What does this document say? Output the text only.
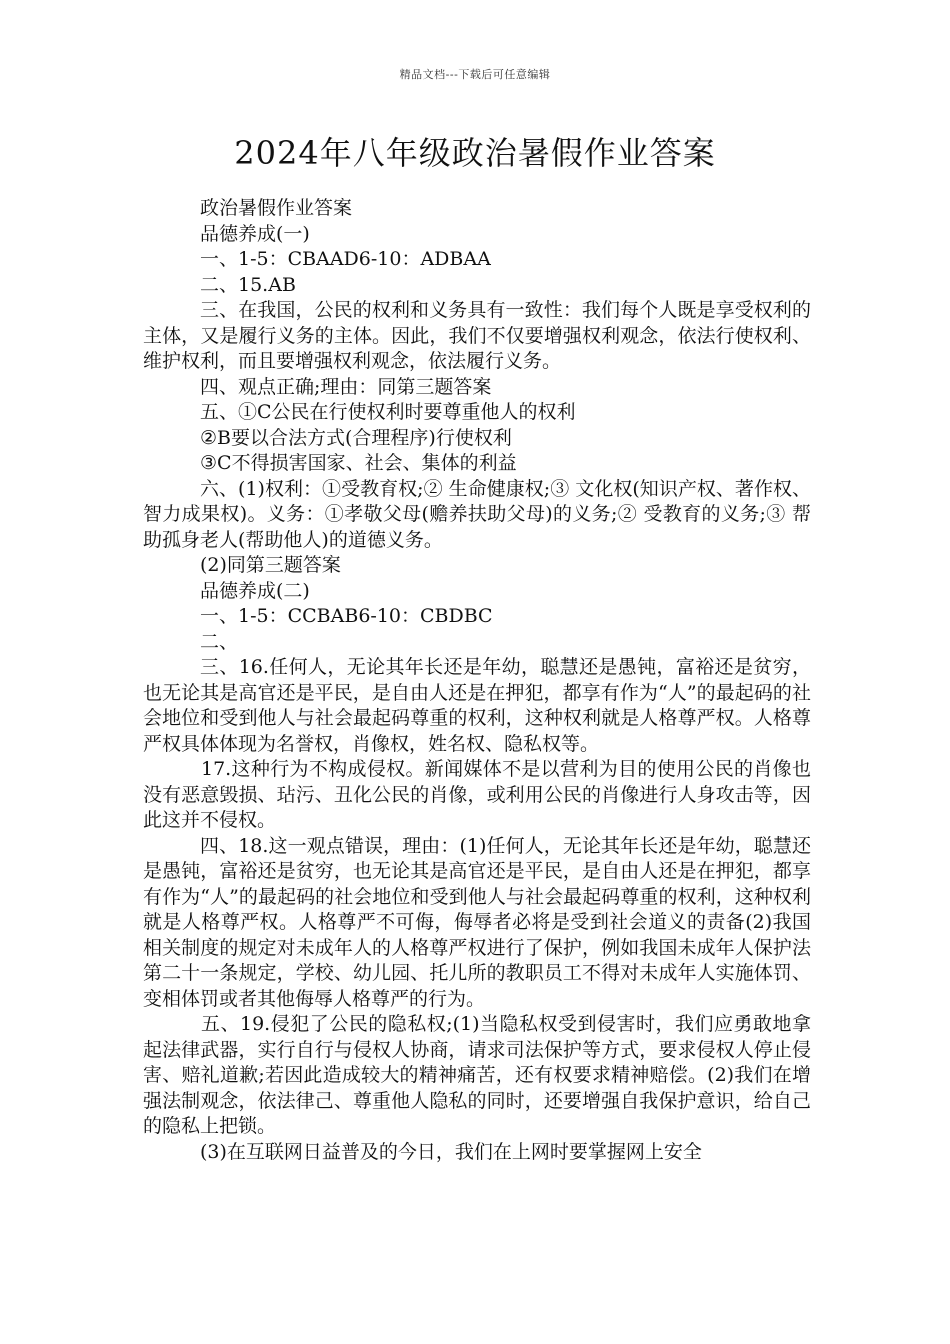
精品文档---下载后可任意编辑
2024年八年级政治暑假作业答案

政治暑假作业答案

品德养成(一)

一、1-5：CBAAD6-10：ADBAA

二、15.AB

三、在我国，公民的权利和义务具有一致性：我们每个人既是享受权利的主体，又是履行义务的主体。因此，我们不仅要增强权利观念，依法行使权利、维护权利，而且要增强权利观念，依法履行义务。

四、观点正确;理由：同第三题答案

五、①C公民在行使权利时要尊重他人的权利

②B要以合法方式(合理程序)行使权利

③C不得损害国家、社会、集体的利益

六、(1)权利：①受教育权;② 生命健康权;③ 文化权(知识产权、著作权、智力成果权)。义务：①孝敬父母(赡养扶助父母)的义务;② 受教育的义务;③ 帮助孤身老人(帮助他人)的道德义务。

(2)同第三题答案

品德养成(二)

一、1-5：CCBAB6-10：CBDBC

二、

三、16.任何人，无论其年长还是年幼，聪慧还是愚钝，富裕还是贫穷，也无论其是高官还是平民，是自由人还是在押犯，都享有作为“人”的最起码的社会地位和受到他人与社会最起码尊重的权利，这种权利就是人格尊严权。人格尊严权具体体现为名誉权，肖像权，姓名权、隐私权等。

17.这种行为不构成侵权。新闻媒体不是以营利为目的使用公民的肖像也没有恶意毁损、玷污、丑化公民的肖像，或利用公民的肖像进行人身攻击等，因此这并不侵权。

四、18.这一观点错误，理由：(1)任何人，无论其年长还是年幼，聪慧还是愚钝，富裕还是贫穷，也无论其是高官还是平民，是自由人还是在押犯，都享有作为“人”的最起码的社会地位和受到他人与社会最起码尊重的权利，这种权利就是人格尊严权。人格尊严不可侮，侮辱者必将是受到社会道义的责备(2)我国相关制度的规定对未成年人的人格尊严权进行了保护，例如我国未成年人保护法第二十一条规定，学校、幼儿园、托儿所的教职员工不得对未成年人实施体罚、变相体罚或者其他侮辱人格尊严的行为。

五、19.侵犯了公民的隐私权;(1)当隐私权受到侵害时，我们应勇敢地拿起法律武器，实行自行与侵权人协商，请求司法保护等方式，要求侵权人停止侵害、赔礼道歉;若因此造成较大的精神痛苦，还有权要求精神赔偿。(2)我们在增强法制观念，依法律己、尊重他人隐私的同时，还要增强自我保护意识，给自己的隐私上把锁。

(3)在互联网日益普及的今日，我们在上网时要掌握网上安全
